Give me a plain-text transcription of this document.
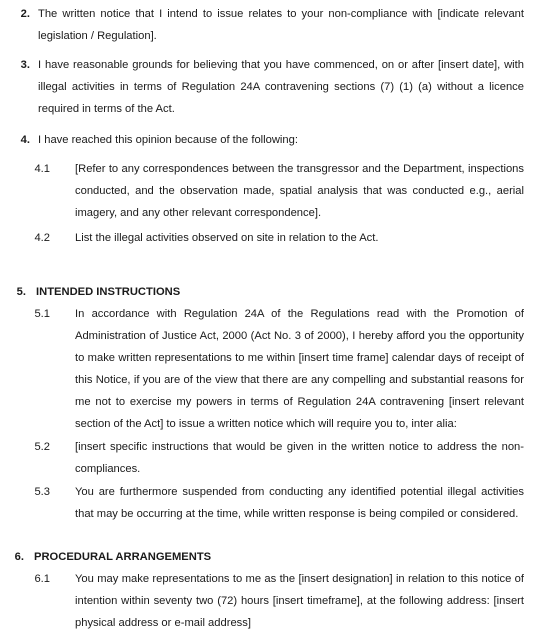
2. The written notice that I intend to issue relates to your non-compliance with [indicate relevant legislation / Regulation].
3. I have reasonable grounds for believing that you have commenced, on or after [insert date], with illegal activities in terms of Regulation 24A contravening sections (7) (1) (a) without a licence required in terms of the Act.
4. I have reached this opinion because of the following:
4.1 [Refer to any correspondences between the transgressor and the Department, inspections conducted, and the observation made, spatial analysis that was conducted e.g., aerial imagery, and any other relevant correspondence].
4.2 List the illegal activities observed on site in relation to the Act.
5. INTENDED INSTRUCTIONS
5.1 In accordance with Regulation 24A of the Regulations read with the Promotion of Administration of Justice Act, 2000 (Act No. 3 of 2000), I hereby afford you the opportunity to make written representations to me within [insert time frame] calendar days of receipt of this Notice, if you are of the view that there are any compelling and substantial reasons for me not to exercise my powers in terms of Regulation 24A contravening [insert relevant section of the Act] to issue a written notice which will require you to, inter alia:
5.2 [insert specific instructions that would be given in the written notice to address the non-compliances.
5.3 You are furthermore suspended from conducting any identified potential illegal activities that may be occurring at the time, while written response is being compiled or considered.
6. PROCEDURAL ARRANGEMENTS
6.1 You may make representations to me as the [insert designation] in relation to this notice of intention within seventy two (72) hours [insert timeframe], at the following address: [insert physical address or e-mail address]
